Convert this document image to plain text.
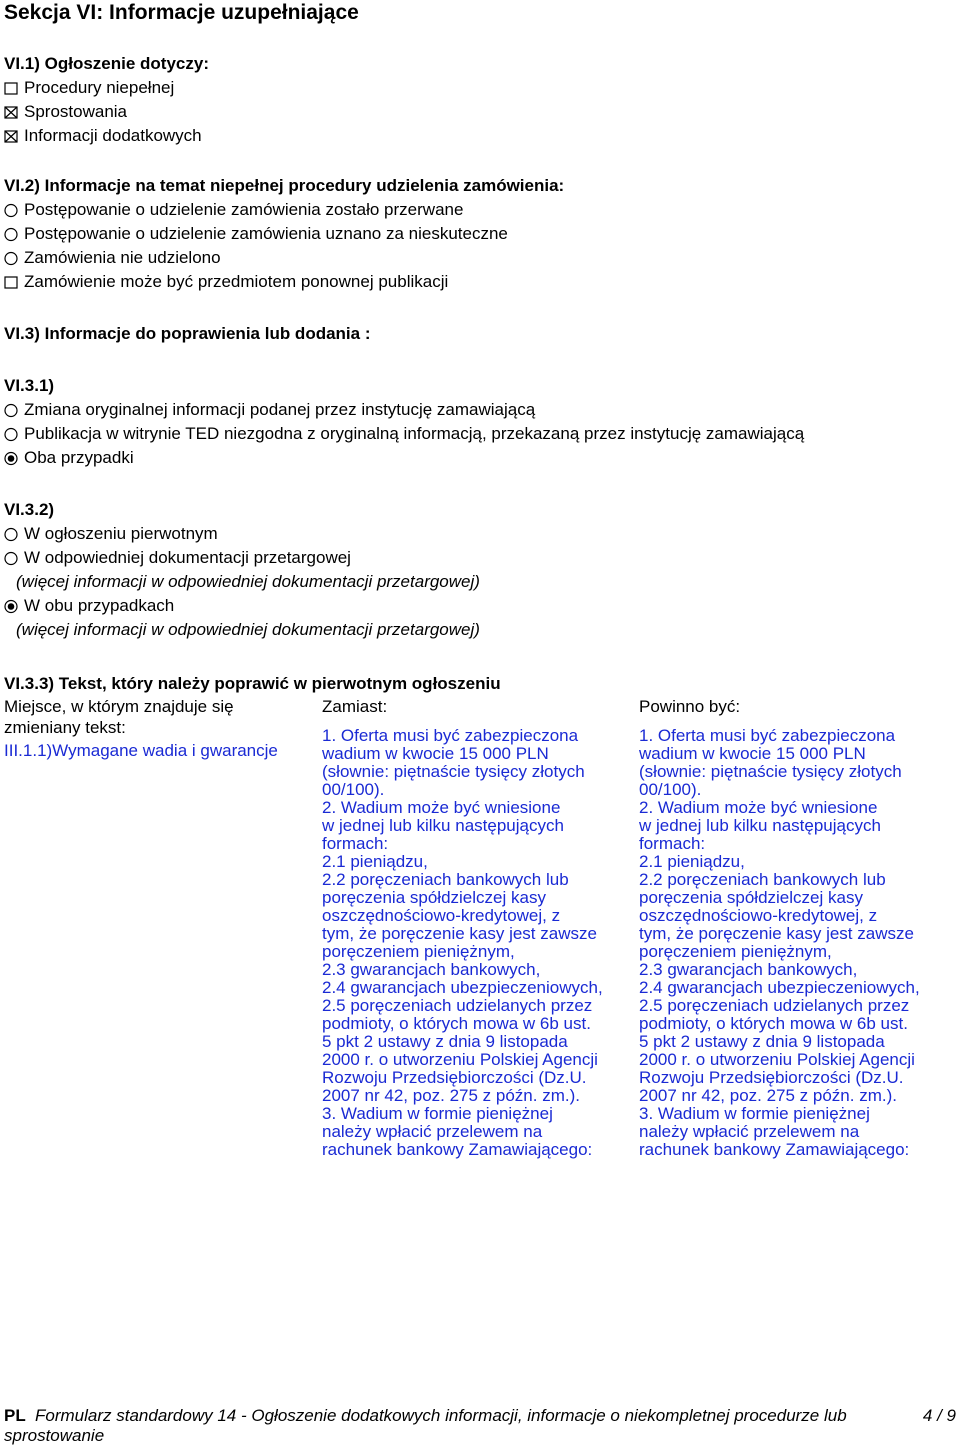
Sekcja VI: Informacje uzupełniające
VI.1) Ogłoszenie dotyczy:
Procedury niepełnej
Sprostowania
Informacji dodatkowych
VI.2) Informacje na temat niepełnej procedury udzielenia zamówienia:
Postępowanie o udzielenie zamówienia zostało przerwane
Postępowanie o udzielenie zamówienia uznano za nieskuteczne
Zamówienia nie udzielono
Zamówienie może być przedmiotem ponownej publikacji
VI.3) Informacje do poprawienia lub dodania :
VI.3.1)
Zmiana oryginalnej informacji podanej przez instytucję zamawiającą
Publikacja w witrynie TED niezgodna z oryginalną informacją, przekazaną przez instytucję zamawiającą
Oba przypadki
VI.3.2)
W ogłoszeniu pierwotnym
W odpowiedniej dokumentacji przetargowej
(więcej informacji w odpowiedniej dokumentacji przetargowej)
W obu przypadkach
(więcej informacji w odpowiedniej dokumentacji przetargowej)
VI.3.3) Tekst, który należy poprawić w pierwotnym ogłoszeniu
Miejsce, w którym znajduje się
zmieniany tekst:
III.1.1)Wymagane wadia i gwarancje
Zamiast:
1. Oferta musi być zabezpieczona
wadium w kwocie 15 000 PLN
(słownie: piętnaście tysięcy złotych
00/100).
2. Wadium może być wniesione
w jednej lub kilku następujących
formach:
2.1 pieniądzu,
2.2 poręczeniach bankowych lub
poręczenia spółdzielczej kasy
oszczędnościowo-kredytowej, z
tym, że poręczenie kasy jest zawsze
poręczeniem pieniężnym,
2.3 gwarancjach bankowych,
2.4 gwarancjach ubezpieczeniowych,
2.5 poręczeniach udzielanych przez
podmioty, o których mowa w 6b ust.
5 pkt 2 ustawy z dnia 9 listopada
2000 r. o utworzeniu Polskiej Agencji
Rozwoju Przedsiębiorczości (Dz.U.
2007 nr 42, poz. 275 z późn. zm.).
3. Wadium w formie pieniężnej
należy wpłacić przelewem na
rachunek bankowy Zamawiającego:
Powinno być:
1. Oferta musi być zabezpieczona
wadium w kwocie 15 000 PLN
(słownie: piętnaście tysięcy złotych
00/100).
2. Wadium może być wniesione
w jednej lub kilku następujących
formach:
2.1 pieniądzu,
2.2 poręczeniach bankowych lub
poręczenia spółdzielczej kasy
oszczędnościowo-kredytowej, z
tym, że poręczenie kasy jest zawsze
poręczeniem pieniężnym,
2.3 gwarancjach bankowych,
2.4 gwarancjach ubezpieczeniowych,
2.5 poręczeniach udzielanych przez
podmioty, o których mowa w 6b ust.
5 pkt 2 ustawy z dnia 9 listopada
2000 r. o utworzeniu Polskiej Agencji
Rozwoju Przedsiębiorczości (Dz.U.
2007 nr 42, poz. 275 z późn. zm.).
3. Wadium w formie pieniężnej
należy wpłacić przelewem na
rachunek bankowy Zamawiającego:
PL Formularz standardowy 14 - Ogłoszenie dodatkowych informacji, informacje o niekompletnej procedurze lub
sprostowanie
4 / 9
